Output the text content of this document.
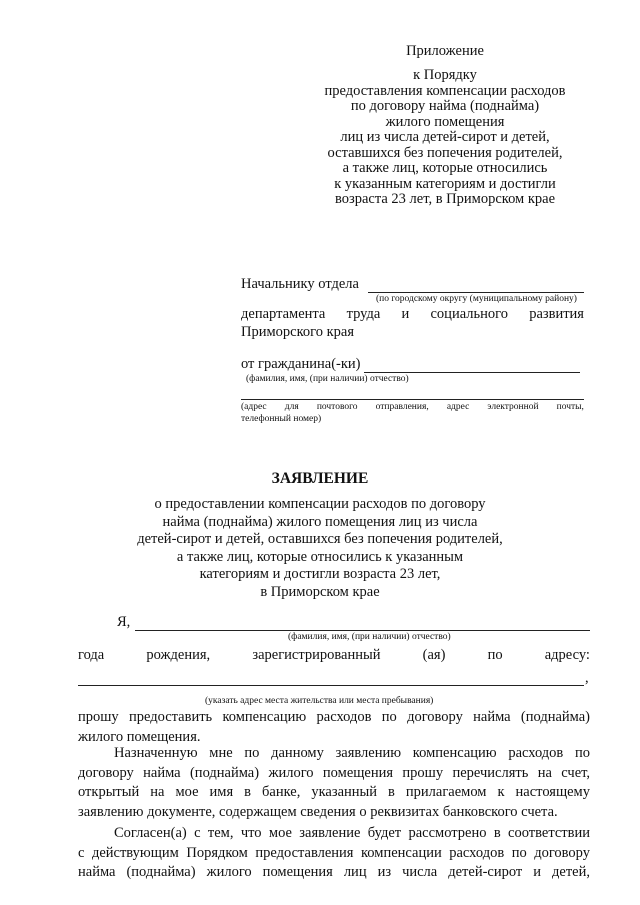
Приложение
к Порядку
предоставления компенсации расходов
по договору найма (поднайма)
жилого помещения
лиц из числа детей-сирот и детей,
оставшихся без попечения родителей,
а также лиц, которые относились
к указанным категориям и достигли
возраста 23 лет, в Приморском крае
Начальнику отдела
(по городскому округу (муниципальному району)
департамента труда и социального развития
Приморского края
от гражданина(-ки)
(фамилия, имя, (при наличии) отчество)
(адрес для почтового отправления, адрес электронной почты,
телефонный номер)
ЗАЯВЛЕНИЕ
о предоставлении компенсации расходов по договору
найма (поднайма) жилого помещения лиц из числа
детей-сирот и детей, оставшихся без попечения родителей,
а также лиц, которые относились к указанным
категориям и достигли возраста 23 лет,
в Приморском крае
Я,
(фамилия, имя, (при наличии) отчество)
года	рождения,	зарегистрированный	(ая)	по	адресу:
,
(указать адрес места жительства или места пребывания)
прошу предоставить компенсацию расходов по договору найма (поднайма)
жилого помещения.
Назначенную мне по данному заявлению компенсацию расходов по
договору найма (поднайма) жилого помещения прошу перечислять на счет,
открытый на мое имя в банке, указанный в прилагаемом к настоящему
заявлению документе, содержащем сведения о реквизитах банковского счета.
Согласен(а) с тем, что мое заявление будет рассмотрено в соответствии
с действующим Порядком предоставления компенсации расходов по договору
найма (поднайма) жилого помещения лиц из числа детей-сирот и детей,
